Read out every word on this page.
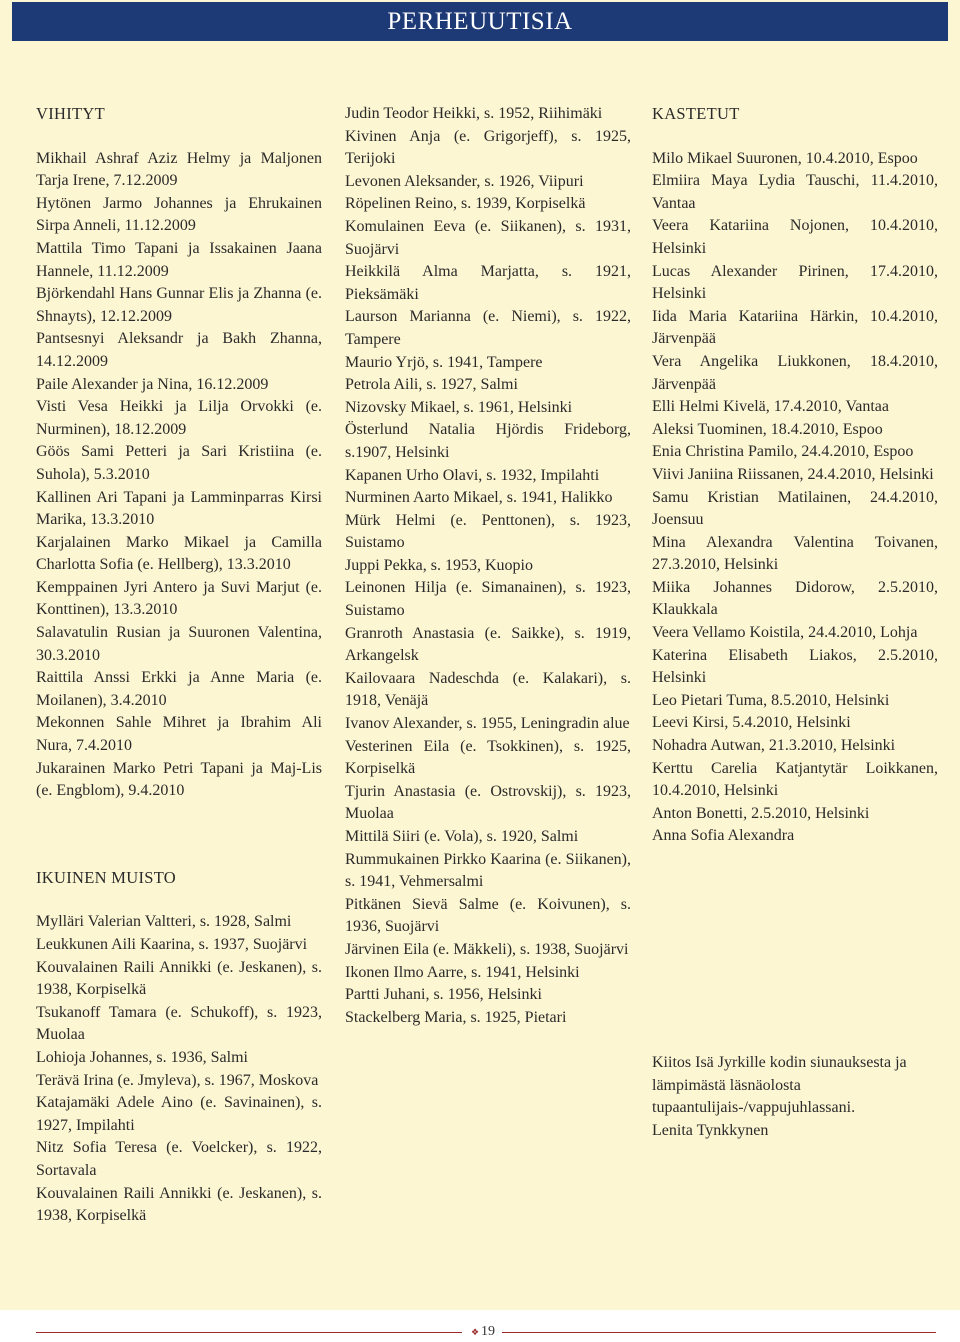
PERHEUUTISIA

VIHITYT

Mikhail Ashraf Aziz Helmy ja Maljonen Tarja Irene, 7.12.2009

Hytönen Jarmo Johannes ja Ehrukainen Sirpa Anneli, 11.12.2009

Mattila Timo Tapani ja Issakainen Jaana Hannele, 11.12.2009

Björkendahl Hans Gunnar Elis ja Zhanna (e. Shnayts), 12.12.2009

Pantsesnyi Aleksandr ja Bakh Zhanna, 14.12.2009

Paile Alexander ja Nina, 16.12.2009

Visti Vesa Heikki ja Lilja Orvokki (e. Nurminen), 18.12.2009

Göös Sami Petteri ja Sari Kristiina (e. Suhola), 5.3.2010

Kallinen Ari Tapani ja Lamminparras Kirsi Marika, 13.3.2010

Karjalainen Marko Mikael ja Camilla Charlotta Sofia (e. Hellberg), 13.3.2010

Kemppainen Jyri Antero ja Suvi Marjut (e. Konttinen), 13.3.2010

Salavatulin Rusian ja Suuronen Valentina, 30.3.2010

Raittila Anssi Erkki ja Anne Maria (e. Moilanen), 3.4.2010

Mekonnen Sahle Mihret ja Ibrahim Ali Nura, 7.4.2010

Jukarainen Marko Petri Tapani ja Maj-Lis (e. Engblom), 9.4.2010

IKUINEN MUISTO

Mylläri Valerian Valtteri, s. 1928, Salmi

Leukkunen Aili Kaarina, s. 1937, Suojärvi

Kouvalainen Raili Annikki (e. Jeskanen), s. 1938, Korpiselkä

Tsukanoff Tamara (e. Schukoff), s. 1923, Muolaa

Lohioja Johannes, s. 1936, Salmi

Terävä Irina (e. Jmyleva), s. 1967, Moskova

Katajamäki Adele Aino (e. Savinainen), s. 1927, Impilahti

Nitz Sofia Teresa (e. Voelcker), s. 1922, Sortavala

Kouvalainen Raili Annikki (e. Jeskanen), s. 1938, Korpiselkä

Judin Teodor Heikki, s. 1952, Riihimäki

Kivinen Anja (e. Grigorjeff), s. 1925, Terijoki

Levonen Aleksander, s. 1926, Viipuri

Röpelinen Reino, s. 1939, Korpiselkä

Komulainen Eeva (e. Siikanen), s. 1931, Suojärvi

Heikkilä Alma Marjatta, s. 1921, Pieksämäki

Laurson Marianna (e. Niemi), s. 1922, Tampere

Maurio Yrjö, s. 1941, Tampere

Petrola Aili, s. 1927, Salmi

Nizovsky Mikael, s. 1961, Helsinki

Österlund Natalia Hjördis Frideborg, s.1907, Helsinki

Kapanen Urho Olavi, s. 1932, Impilahti

Nurminen Aarto Mikael, s. 1941, Halikko

Mürk Helmi (e. Penttonen), s. 1923, Suistamo

Juppi Pekka, s. 1953, Kuopio

Leinonen Hilja (e. Simanainen), s. 1923, Suistamo

Granroth Anastasia (e. Saikke), s. 1919, Arkangelsk

Kailovaara Nadeschda (e. Kalakari), s. 1918, Venäjä

Ivanov Alexander, s. 1955, Leningradin alue

Vesterinen Eila (e. Tsokkinen), s. 1925, Korpiselkä

Tjurin Anastasia (e. Ostrovskij), s. 1923, Muolaa

Mittilä Siiri (e. Vola), s. 1920, Salmi

Rummukainen Pirkko Kaarina (e. Siikanen), s. 1941, Vehmersalmi

Pitkänen Sievä Salme (e. Koivunen), s. 1936, Suojärvi

Järvinen Eila (e. Mäkkeli), s. 1938, Suojärvi

Ikonen Ilmo Aarre, s. 1941, Helsinki

Partti Juhani, s. 1956, Helsinki

Stackelberg Maria, s. 1925, Pietari

KASTETUT

Milo Mikael Suuronen, 10.4.2010, Espoo

Elmiira Maya Lydia Tauschi, 11.4.2010, Vantaa

Veera Katariina Nojonen, 10.4.2010, Helsinki

Lucas Alexander Pirinen, 17.4.2010, Helsinki

Iida Maria Katariina Härkin, 10.4.2010, Järvenpää

Vera Angelika Liukkonen, 18.4.2010, Järvenpää

Elli Helmi Kivelä, 17.4.2010, Vantaa

Aleksi Tuominen, 18.4.2010, Espoo

Enia Christina Pamilo, 24.4.2010, Espoo

Viivi Janiina Riissanen, 24.4.2010, Helsinki

Samu Kristian Matilainen, 24.4.2010, Joensuu

Mina Alexandra Valentina Toivanen, 27.3.2010, Helsinki

Miika Johannes Didorow, 2.5.2010, Klaukkala

Veera Vellamo Koistila, 24.4.2010, Lohja

Katerina Elisabeth Liakos, 2.5.2010, Helsinki

Leo Pietari Tuma, 8.5.2010, Helsinki

Leevi Kirsi, 5.4.2010, Helsinki

Nohadra Autwan, 21.3.2010, Helsinki

Kerttu Carelia Katjantytär Loikkanen, 10.4.2010, Helsinki

Anton Bonetti, 2.5.2010, Helsinki

Anna Sofia Alexandra

Kiitos Isä Jyrkille kodin siunauksesta ja lämpimästä läsnäolosta tupaantulijais-/vappujuhlassani.

Lenita Tynkkynen

❖ 19
